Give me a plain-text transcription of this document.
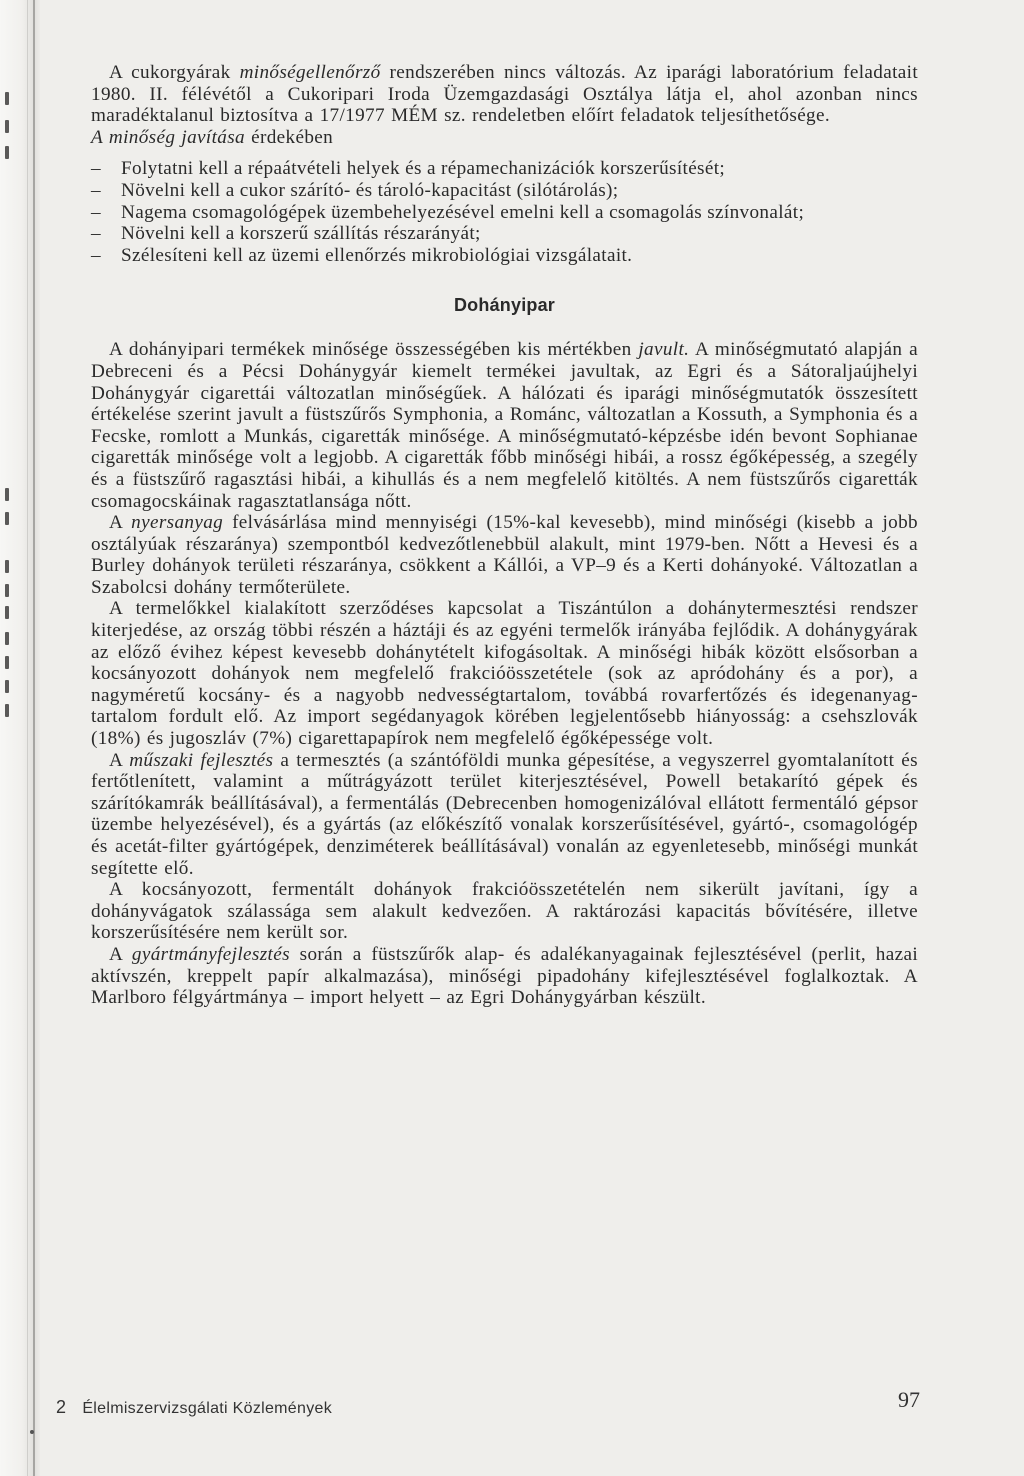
A cukorgyárak minőségellenőrző rendszerében nincs változás. Az iparági laboratórium feladatait 1980. II. félévétől a Cukoripari Iroda Üzemgazdasági Osztálya látja el, ahol azonban nincs maradéktalanul biztosítva a 17/1977 MÉM sz. rendeletben előírt feladatok teljesíthetősége.

A minőség javítása érdekében

– Folytatni kell a répaátvételi helyek és a répamechanizációk korszerűsítését;
– Növelni kell a cukor szárító- és tároló-kapacitást (silótárolás);
– Nagema csomagológépek üzembehelyezésével emelni kell a csomagolás színvonalát;
– Növelni kell a korszerű szállítás részarányát;
– Szélesíteni kell az üzemi ellenőrzés mikrobiológiai vizsgálatait.
Dohányipar

A dohányipari termékek minősége összességében kis mértékben javult. A minőségmutató alapján a Debreceni és a Pécsi Dohánygyár kiemelt termékei javultak, az Egri és a Sátoraljaújhelyi Dohánygyár cigarettái változatlan minőségűek. A hálózati és iparági minőségmutatók összesített értékelése szerint javult a füstszűrős Symphonia, a Románc, változatlan a Kossuth, a Symphonia és a Fecske, romlott a Munkás, cigaretták minősége. A minőségmutató-képzésbe idén bevont Sophianae cigaretták minősége volt a legjobb. A cigaretták főbb minőségi hibái, a rossz égőképesség, a szegély és a füstszűrő ragasztási hibái, a kihullás és a nem megfelelő kitöltés. A nem füstszűrős cigaretták csomagocskáinak ragasztatlansága nőtt.

A nyersanyag felvásárlása mind mennyiségi (15%-kal kevesebb), mind minőségi (kisebb a jobb osztályúak részaránya) szempontból kedvezőtlenebbül alakult, mint 1979-ben. Nőtt a Hevesi és a Burley dohányok területi részaránya, csökkent a Kállói, a VP–9 és a Kerti dohányoké. Változatlan a Szabolcsi dohány termőterülete.

A termelőkkel kialakított szerződéses kapcsolat a Tiszántúlon a dohánytermesztési rendszer kiterjedése, az ország többi részén a háztáji és az egyéni termelők irányába fejlődik. A dohánygyárak az előző évihez képest kevesebb dohánytételt kifogásoltak. A minőségi hibák között elsősorban a kocsányozott dohányok nem megfelelő frakcióösszetétele (sok az apródohány és a por), a nagyméretű kocsány- és a nagyobb nedvességtartalom, továbbá rovarfertőzés és idegenanyag-tartalom fordult elő. Az import segédanyagok körében legjelentősebb hiányosság: a csehszlovák (18%) és jugoszláv (7%) cigarettapapírok nem megfelelő égőképessége volt.

A műszaki fejlesztés a termesztés (a szántóföldi munka gépesítése, a vegyszerrel gyomtalanított és fertőtlenített, valamint a műtrágyázott terület kiterjesztésével, Powell betakarító gépek és szárítókamrák beállításával), a fermentálás (Debrecenben homogenizálóval ellátott fermentáló gépsor üzembe helyezésével), és a gyártás (az előkészítő vonalak korszerűsítésével, gyártó-, csomagológép és acetát-filter gyártógépek, denziméterek beállításával) vonalán az egyenletesebb, minőségi munkát segítette elő.

A kocsányozott, fermentált dohányok frakcióösszetételén nem sikerült javítani, így a dohányvágatok szálassága sem alakult kedvezően. A raktározási kapacitás bővítésére, illetve korszerűsítésére nem került sor.

A gyártmányfejlesztés során a füstszűrők alap- és adalékanyagainak fejlesztésével (perlit, hazai aktívszén, kreppelt papír alkalmazása), minőségi pipadohány kifejlesztésével foglalkoztak. A Marlboro félgyártmánya – import helyett – az Egri Dohánygyárban készült.

2 Élelmiszervizsgálati Közlemények	97
